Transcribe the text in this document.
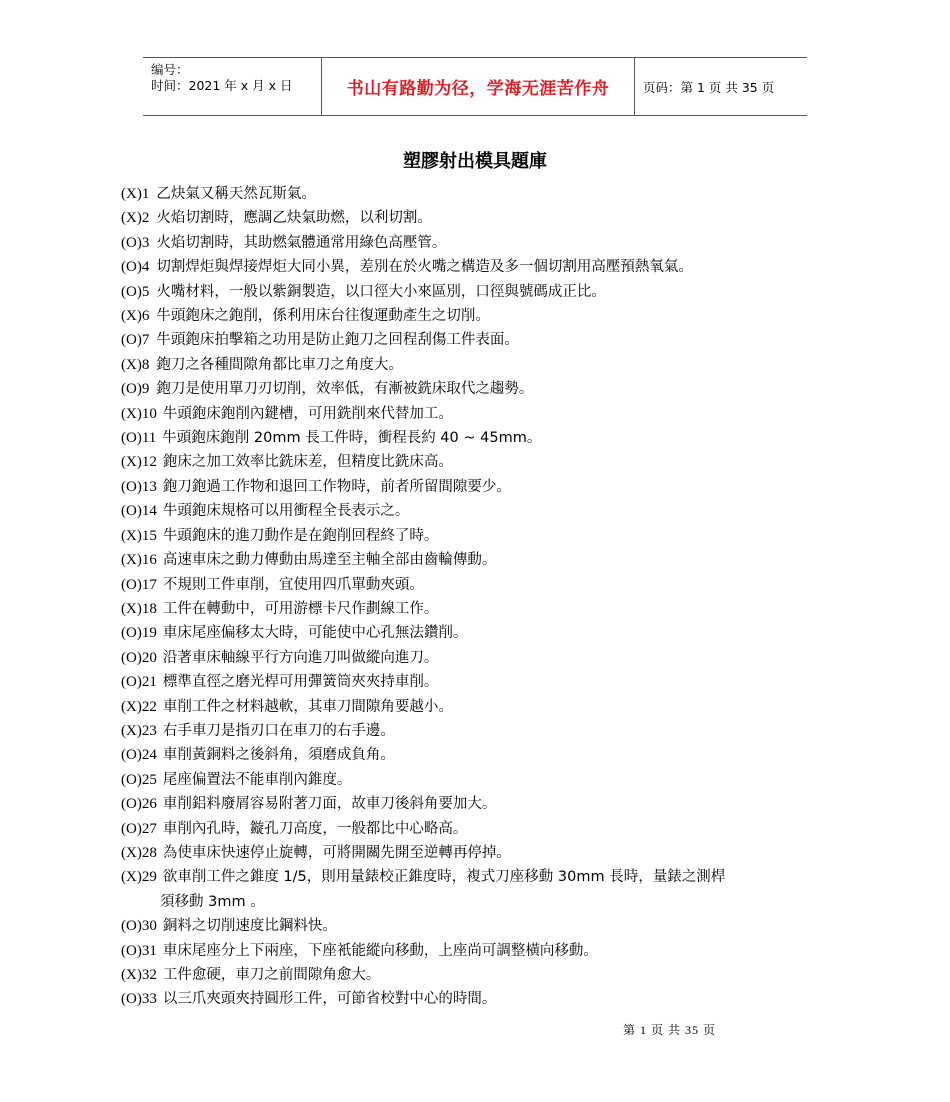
编号：
时间：2021 年 x 月 x 日	书山有路勤为径，学海无涯苦作舟	页码：第 1 页 共 35 页
塑膠射出模具題庫
(X)1 乙炔氣又稱天然瓦斯氣。
(X)2 火焰切割時，應調乙炔氣助燃，以利切割。
(O)3 火焰切割時，其助燃氣體通常用綠色高壓管。
(O)4 切割焊炬與焊接焊炬大同小異，差別在於火嘴之構造及多一個切割用高壓預熱氧氣。
(O)5 火嘴材料，一般以紫銅製造，以口徑大小來區別，口徑與號碼成正比。
(X)6 牛頭鉋床之鉋削，係利用床台往復運動產生之切削。
(O)7 牛頭鉋床拍擊箱之功用是防止鉋刀之回程刮傷工件表面。
(X)8 鉋刀之各種間隙角都比車刀之角度大。
(O)9 鉋刀是使用單刀刃切削，效率低，有漸被銑床取代之趨勢。
(X)10 牛頭鉋床鉋削內鍵槽，可用銑削來代替加工。
(O)11 牛頭鉋床鉋削 20mm 長工件時，衝程長約 40 ~ 45mm。
(X)12 鉋床之加工效率比銑床差，但精度比銑床高。
(O)13 鉋刀鉋過工作物和退回工作物時，前者所留間隙要少。
(O)14 牛頭鉋床規格可以用衝程全長表示之。
(X)15 牛頭鉋床的進刀動作是在鉋削回程終了時。
(X)16 高速車床之動力傳動由馬達至主軸全部由齒輪傳動。
(O)17 不規則工件車削，宜使用四爪單動夾頭。
(X)18 工件在轉動中，可用游標卡尺作劃線工作。
(O)19 車床尾座偏移太大時，可能使中心孔無法鑽削。
(O)20 沿著車床軸線平行方向進刀叫做縱向進刀。
(O)21 標準直徑之磨光桿可用彈簧筒夾夾持車削。
(X)22 車削工件之材料越軟，其車刀間隙角要越小。
(X)23 右手車刀是指刃口在車刀的右手邊。
(O)24 車削黃銅料之後斜角，須磨成負角。
(O)25 尾座偏置法不能車削內錐度。
(O)26 車削鋁料廢屑容易附著刀面，故車刀後斜角要加大。
(O)27 車削內孔時，鏇孔刀高度，一般都比中心略高。
(X)28 為使車床快速停止旋轉，可將開關先開至逆轉再停掉。
(X)29 欲車削工件之錐度 1/5，則用量錶校正錐度時，複式刀座移動 30mm 長時，量錶之測桿
須移動 3mm 。
(O)30 銅料之切削速度比鋼料快。
(O)31 車床尾座分上下兩座，下座衹能縱向移動，上座尚可調整橫向移動。
(X)32 工件愈硬，車刀之前間隙角愈大。
(O)33 以三爪夾頭夾持圓形工件，可節省校對中心的時間。
第 1 页 共 35 页
